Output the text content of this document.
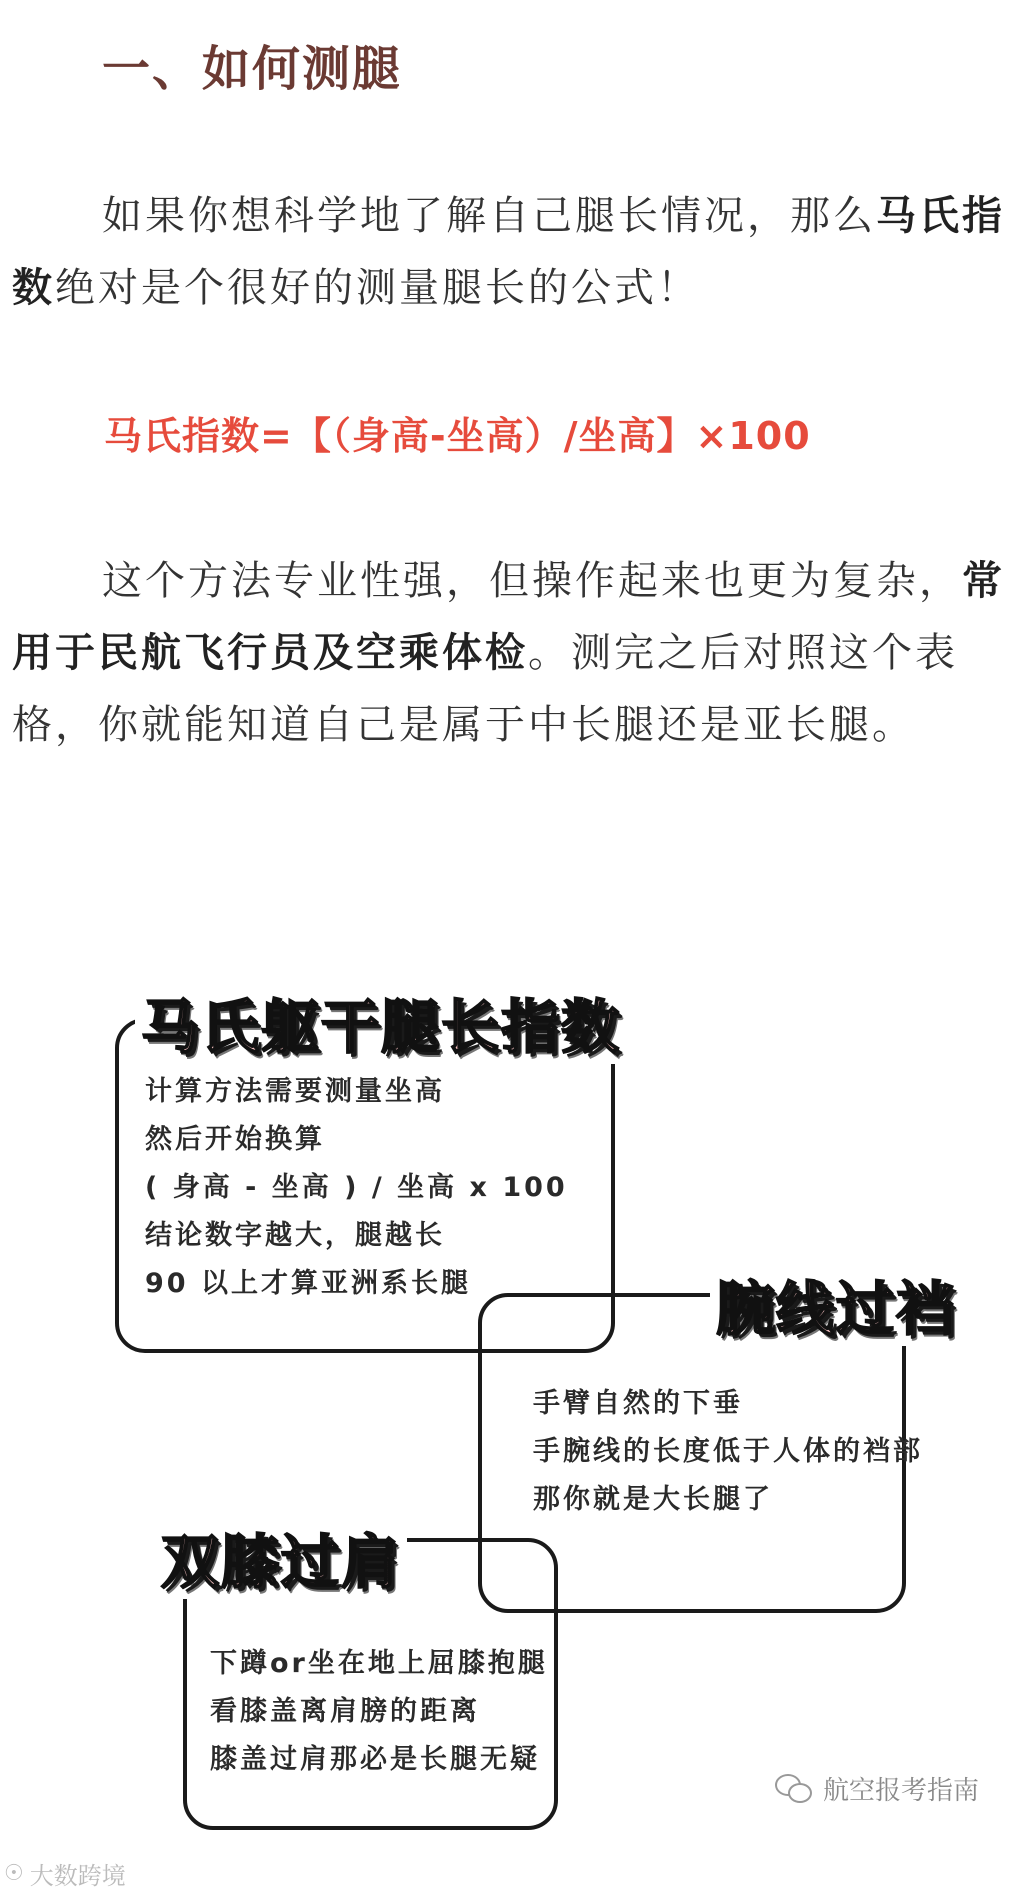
一、如何测腿

如果你想科学地了解自己腿长情况，那么马氏指数绝对是个很好的测量腿长的公式！

马氏指数=【（身高-坐高）/坐高】×100

这个方法专业性强，但操作起来也更为复杂，常用于民航飞行员及空乘体检。测完之后对照这个表格，你就能知道自己是属于中长腿还是亚长腿。

马氏躯干腿长指数
计算方法需要测量坐高
然后开始换算
( 身高 - 坐高 ) / 坐高 x 100
结论数字越大，腿越长
90 以上才算亚洲系长腿	腕线过裆
手臂自然的下垂
手腕线的长度低于人体的裆部
那你就是大长腿了
双膝过肩
下蹲or坐在地上屈膝抱腿
看膝盖离肩膀的距离
膝盖过肩那必是长腿无疑
航空报考指南
☉ 大数跨境
